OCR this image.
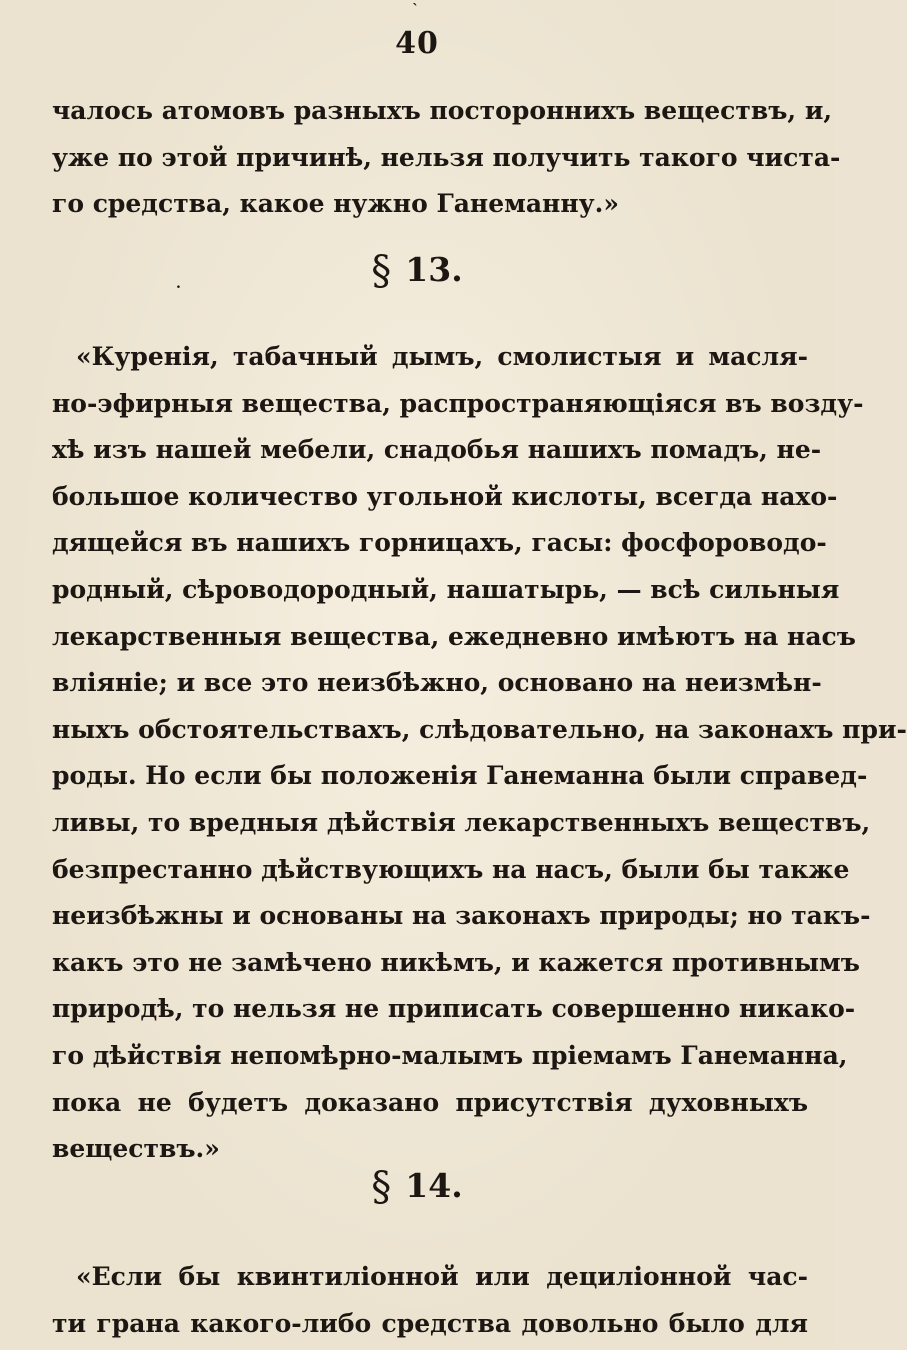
40
`
.
чалось атомовъ разныхъ постороннихъ веществъ, и,
уже по этой причинѣ, нельзя получить такого чиста-
го средства, какое нужно Ганеманну.»
§ 13.
«Куренія, табачный дымъ, смолистыя и масля-
но-эфирныя вещества, распространяющіяся въ возду-
хѣ изъ нашей мебели, снадобья нашихъ помадъ, не-
большое количество угольной кислоты, всегда нахо-
дящейся въ нашихъ горницахъ, гасы: фосфороводо-
родный, сѣроводородный, нашатырь, — всѣ сильныя
лекарственныя вещества, ежедневно имѣютъ на насъ
вліяніе; и все это неизбѣжно, основано на неизмѣн-
ныхъ обстоятельствахъ, слѣдовательно, на законахъ при-
роды. Но если бы положенія Ганеманна были справед-
ливы, то вредныя дѣйствія лекарственныхъ веществъ,
безпрестанно дѣйствующихъ на насъ, были бы также
неизбѣжны и основаны на законахъ природы; но такъ-
какъ это не замѣчено никѣмъ, и кажется противнымъ
природѣ, то нельзя не приписать совершенно никако-
го дѣйствія непомѣрно-малымъ пріемамъ Ганеманна,
пока не будетъ доказано присутствія духовныхъ
веществъ.»
§ 14.
«Если бы квинтиліонной или дециліонной час-
ти грана какого-либо средства довольно было для
